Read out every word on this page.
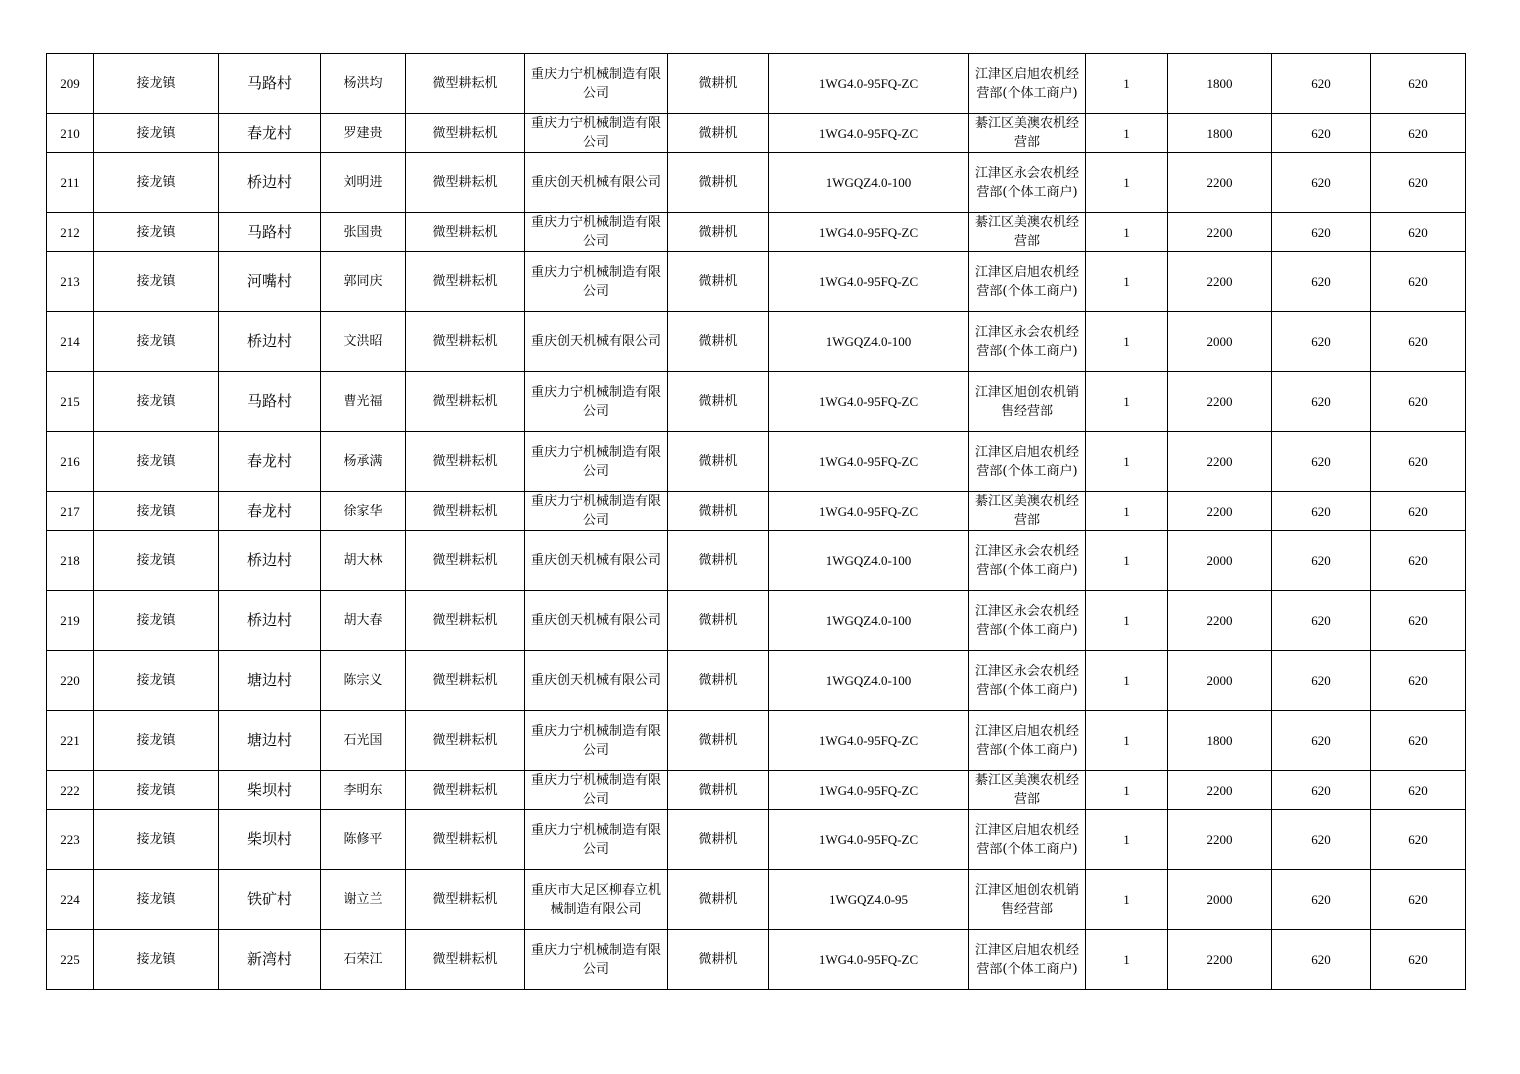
209	接龙镇	马路村	杨洪均	微型耕耘机	重庆力宁机械制造有限公司	微耕机	1WG4.0-95FQ-ZC	江津区启旭农机经营部(个体工商户)	1	1800	620	620
210	接龙镇	春龙村	罗建贵	微型耕耘机	重庆力宁机械制造有限公司	微耕机	1WG4.0-95FQ-ZC	綦江区美澳农机经营部	1	1800	620	620
211	接龙镇	桥边村	刘明进	微型耕耘机	重庆创天机械有限公司	微耕机	1WGQZ4.0-100	江津区永会农机经营部(个体工商户)	1	2200	620	620
212	接龙镇	马路村	张国贵	微型耕耘机	重庆力宁机械制造有限公司	微耕机	1WG4.0-95FQ-ZC	綦江区美澳农机经营部	1	2200	620	620
213	接龙镇	河嘴村	郭同庆	微型耕耘机	重庆力宁机械制造有限公司	微耕机	1WG4.0-95FQ-ZC	江津区启旭农机经营部(个体工商户)	1	2200	620	620
214	接龙镇	桥边村	文洪昭	微型耕耘机	重庆创天机械有限公司	微耕机	1WGQZ4.0-100	江津区永会农机经营部(个体工商户)	1	2000	620	620
215	接龙镇	马路村	曹光福	微型耕耘机	重庆力宁机械制造有限公司	微耕机	1WG4.0-95FQ-ZC	江津区旭创农机销售经营部	1	2200	620	620
216	接龙镇	春龙村	杨承满	微型耕耘机	重庆力宁机械制造有限公司	微耕机	1WG4.0-95FQ-ZC	江津区启旭农机经营部(个体工商户)	1	2200	620	620
217	接龙镇	春龙村	徐家华	微型耕耘机	重庆力宁机械制造有限公司	微耕机	1WG4.0-95FQ-ZC	綦江区美澳农机经营部	1	2200	620	620
218	接龙镇	桥边村	胡大林	微型耕耘机	重庆创天机械有限公司	微耕机	1WGQZ4.0-100	江津区永会农机经营部(个体工商户)	1	2000	620	620
219	接龙镇	桥边村	胡大春	微型耕耘机	重庆创天机械有限公司	微耕机	1WGQZ4.0-100	江津区永会农机经营部(个体工商户)	1	2200	620	620
220	接龙镇	塘边村	陈宗义	微型耕耘机	重庆创天机械有限公司	微耕机	1WGQZ4.0-100	江津区永会农机经营部(个体工商户)	1	2000	620	620
221	接龙镇	塘边村	石光国	微型耕耘机	重庆力宁机械制造有限公司	微耕机	1WG4.0-95FQ-ZC	江津区启旭农机经营部(个体工商户)	1	1800	620	620
222	接龙镇	柴坝村	李明东	微型耕耘机	重庆力宁机械制造有限公司	微耕机	1WG4.0-95FQ-ZC	綦江区美澳农机经营部	1	2200	620	620
223	接龙镇	柴坝村	陈修平	微型耕耘机	重庆力宁机械制造有限公司	微耕机	1WG4.0-95FQ-ZC	江津区启旭农机经营部(个体工商户)	1	2200	620	620
224	接龙镇	铁矿村	谢立兰	微型耕耘机	重庆市大足区柳春立机械制造有限公司	微耕机	1WGQZ4.0-95	江津区旭创农机销售经营部	1	2000	620	620
225	接龙镇	新湾村	石荣江	微型耕耘机	重庆力宁机械制造有限公司	微耕机	1WG4.0-95FQ-ZC	江津区启旭农机经营部(个体工商户)	1	2200	620	620
